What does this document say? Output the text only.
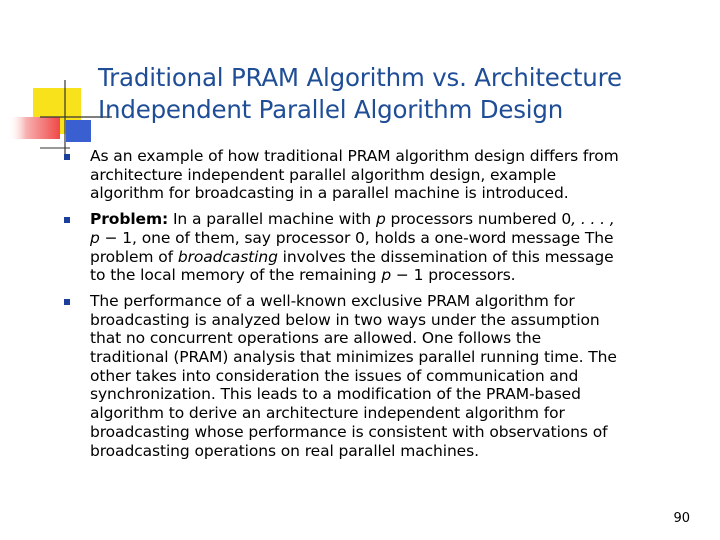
Traditional PRAM Algorithm vs. Architecture
Independent Parallel Algorithm Design
As an example of how traditional PRAM algorithm design differs from
architecture independent parallel algorithm design, example
algorithm for broadcasting in a parallel machine is introduced.
Problem: In a parallel machine with p processors numbered 0, . . . ,
p − 1, one of them, say processor 0, holds a one-word message The
problem of broadcasting involves the dissemination of this message
to the local memory of the remaining p − 1 processors.
The performance of a well-known exclusive PRAM algorithm for
broadcasting is analyzed below in two ways under the assumption
that no concurrent operations are allowed. One follows the
traditional (PRAM) analysis that minimizes parallel running time. The
other takes into consideration the issues of communication and
synchronization. This leads to a modification of the PRAM-based
algorithm to derive an architecture independent algorithm for
broadcasting whose performance is consistent with observations of
broadcasting operations on real parallel machines.
90
